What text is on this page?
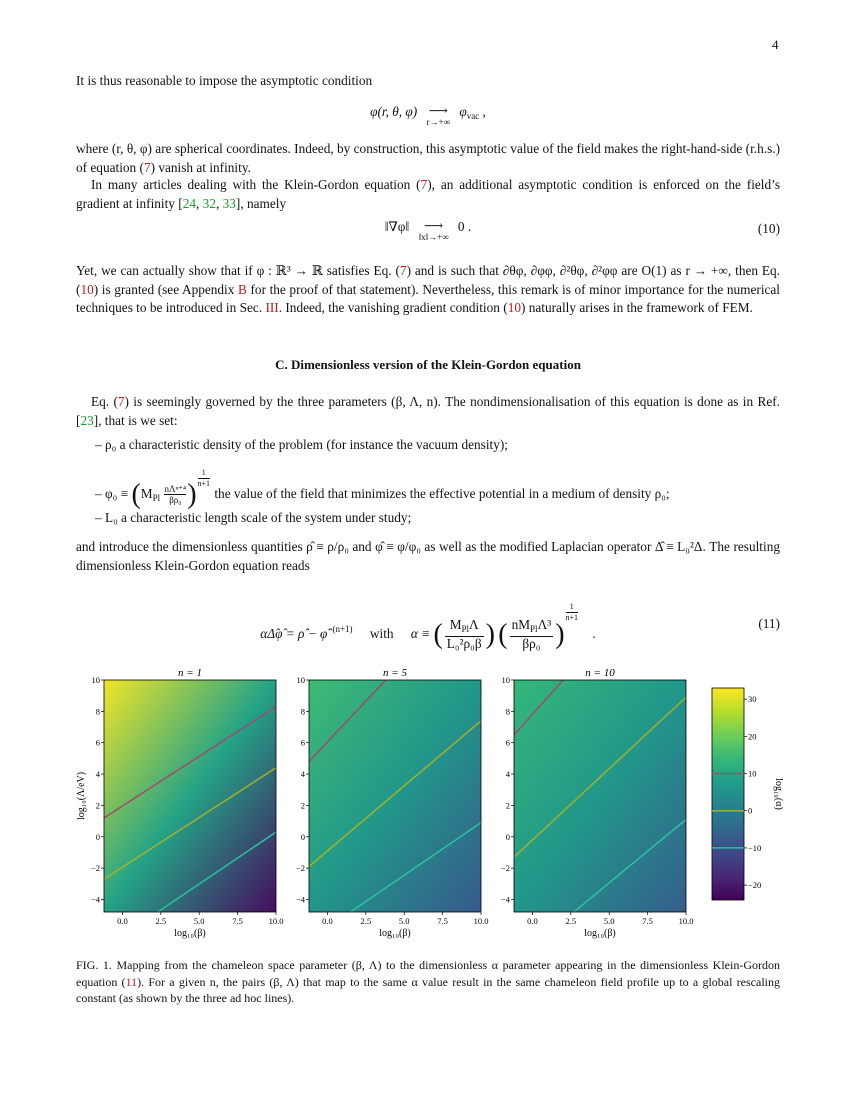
4

It is thus reasonable to impose the asymptotic condition

φ(r, θ, φ) ⟶
r→+∞
$\varphi_{vac}$ ,

where (r, θ, φ) are spherical coordinates. Indeed, by construction, this asymptotic value of the field makes the right-hand-side (r.h.s.) of equation (7) vanish at infinity.

In many articles dealing with the Klein-Gordon equation (7), an additional asymptotic condition is enforced on the field’s gradient at infinity [24, 32, 33], namely

‖∇φ‖	⟶
‖x‖→+∞
0 .	(10)

Yet, we can actually show that if φ : ℝ³ → ℝ satisfies Eq. (7) and is such that ∂θφ, ∂φφ, ∂²θφ, ∂²φφ are O(1) as r → +∞, then Eq. (10) is granted (see Appendix B for the proof of that statement). Nevertheless, this remark is of minor importance for the numerical techniques to be introduced in Sec. III. Indeed, the vanishing gradient condition (10) naturally arises in the framework of FEM.

C. Dimensionless version of the Klein-Gordon equation

Eq. (7) is seemingly governed by the three parameters (β, Λ, n). The nondimensionalisation of this equation is done as in Ref. [23], that is we set:

– ρ₀ a characteristic density of the problem (for instance the vacuum density);
– $\varphi_0 \equiv (M_{Pl} \frac{\text{nΛⁿ⁺⁴}}{\text{βρ₀}})$
$\frac{1}{n+1}$ the value of the field that minimizes the effective potential in a medium of density ρ₀;
– L₀ a characteristic length scale of the system under study;

and introduce the dimensionless quantities ρ̂ ≡ ρ/ρ₀ and φ̂ ≡ φ/φ₀ as well as the modified Laplacian operator Δ̂ ≡ L₀²Δ. The resulting dimensionless Klein-Gordon equation reads

αΔ̂φ̂ = ρ̂ − φ̂$^{-(n+1)}$ with α ≡ ( $\frac{M_{Pl}\Lambda}{\text{L₀²ρ₀β}}$ ) ( $\frac{nM_{Pl}\Lambda^3}{\text{βρ₀}}$ )
$\frac{1}{n+1}$ .
(11)
n = 1
0.0	2.5	5.0	7.5	10.0
log₁₀(β)
10
8
6
4
2
0
−2
−4
n = 5
0.0	2.5	5.0	7.5	10.0
log₁₀(β)
10
8
6
4
2
0
−2
−4
n = 10
0.0	2.5	5.0	7.5	10.0
log₁₀(β)
10
8
6
4
2
0
−2
−4
log₁₀(Λ/eV)
30
20
10
0
−10
−20
log₁₀(α)

FIG. 1. Mapping from the chameleon space parameter (β, Λ) to the dimensionless α parameter appearing in the dimensionless Klein-Gordon equation (11). For a given n, the pairs (β, Λ) that map to the same α value result in the same chameleon field profile up to a global rescaling constant (as shown by the three ad hoc lines).
